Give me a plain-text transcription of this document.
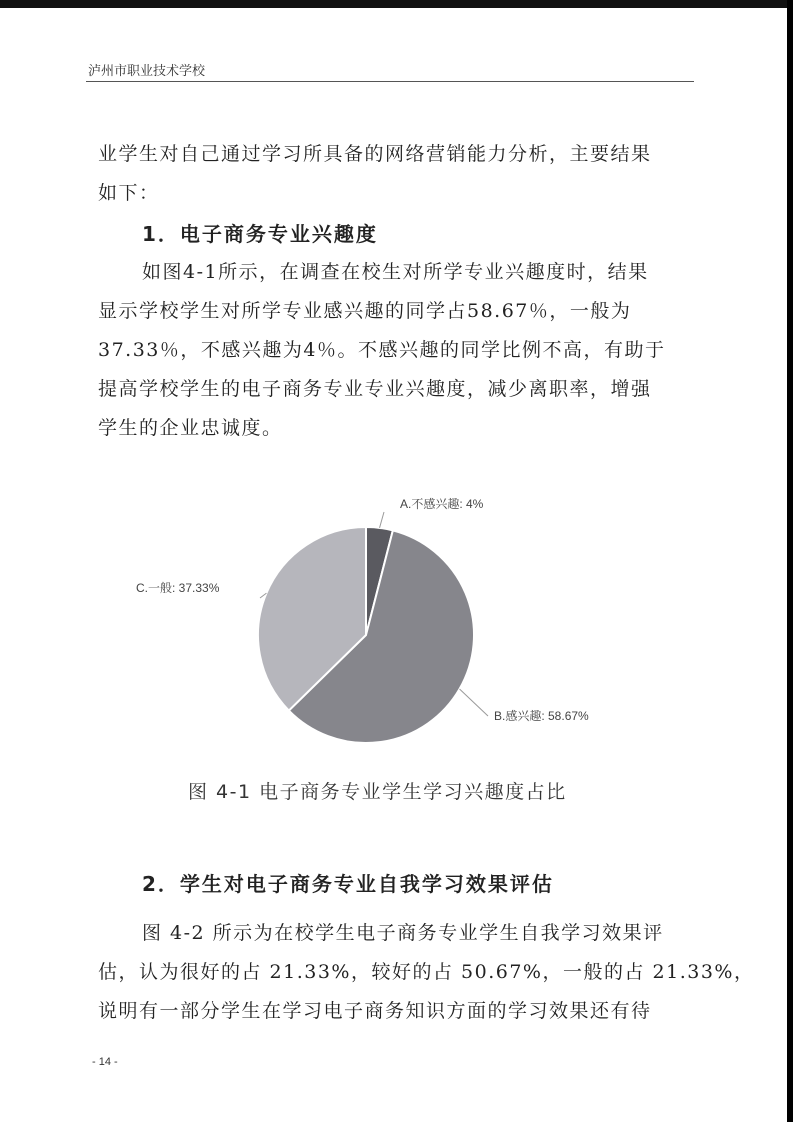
泸州市职业技术学校

业学生对自己通过学习所具备的网络营销能力分析，主要结果
如下：

1．电子商务专业兴趣度

如图4-1所示，在调查在校生对所学专业兴趣度时，结果
显示学校学生对所学专业感兴趣的同学占58.67％，一般为
37.33％，不感兴趣为4％。不感兴趣的同学比例不高，有助于
提高学校学生的电子商务专业专业兴趣度，减少离职率，增强
学生的企业忠诚度。

A.不感兴趣: 4%
B.感兴趣: 58.67%
C.一般: 37.33%
图 4-1 电子商务专业学生学习兴趣度占比
2．学生对电子商务专业自我学习效果评估

图 4-2 所示为在校学生电子商务专业学生自我学习效果评
估，认为很好的占 21.33%，较好的占 50.67%，一般的占 21.33%，
说明有一部分学生在学习电子商务知识方面的学习效果还有待

- 14 -
